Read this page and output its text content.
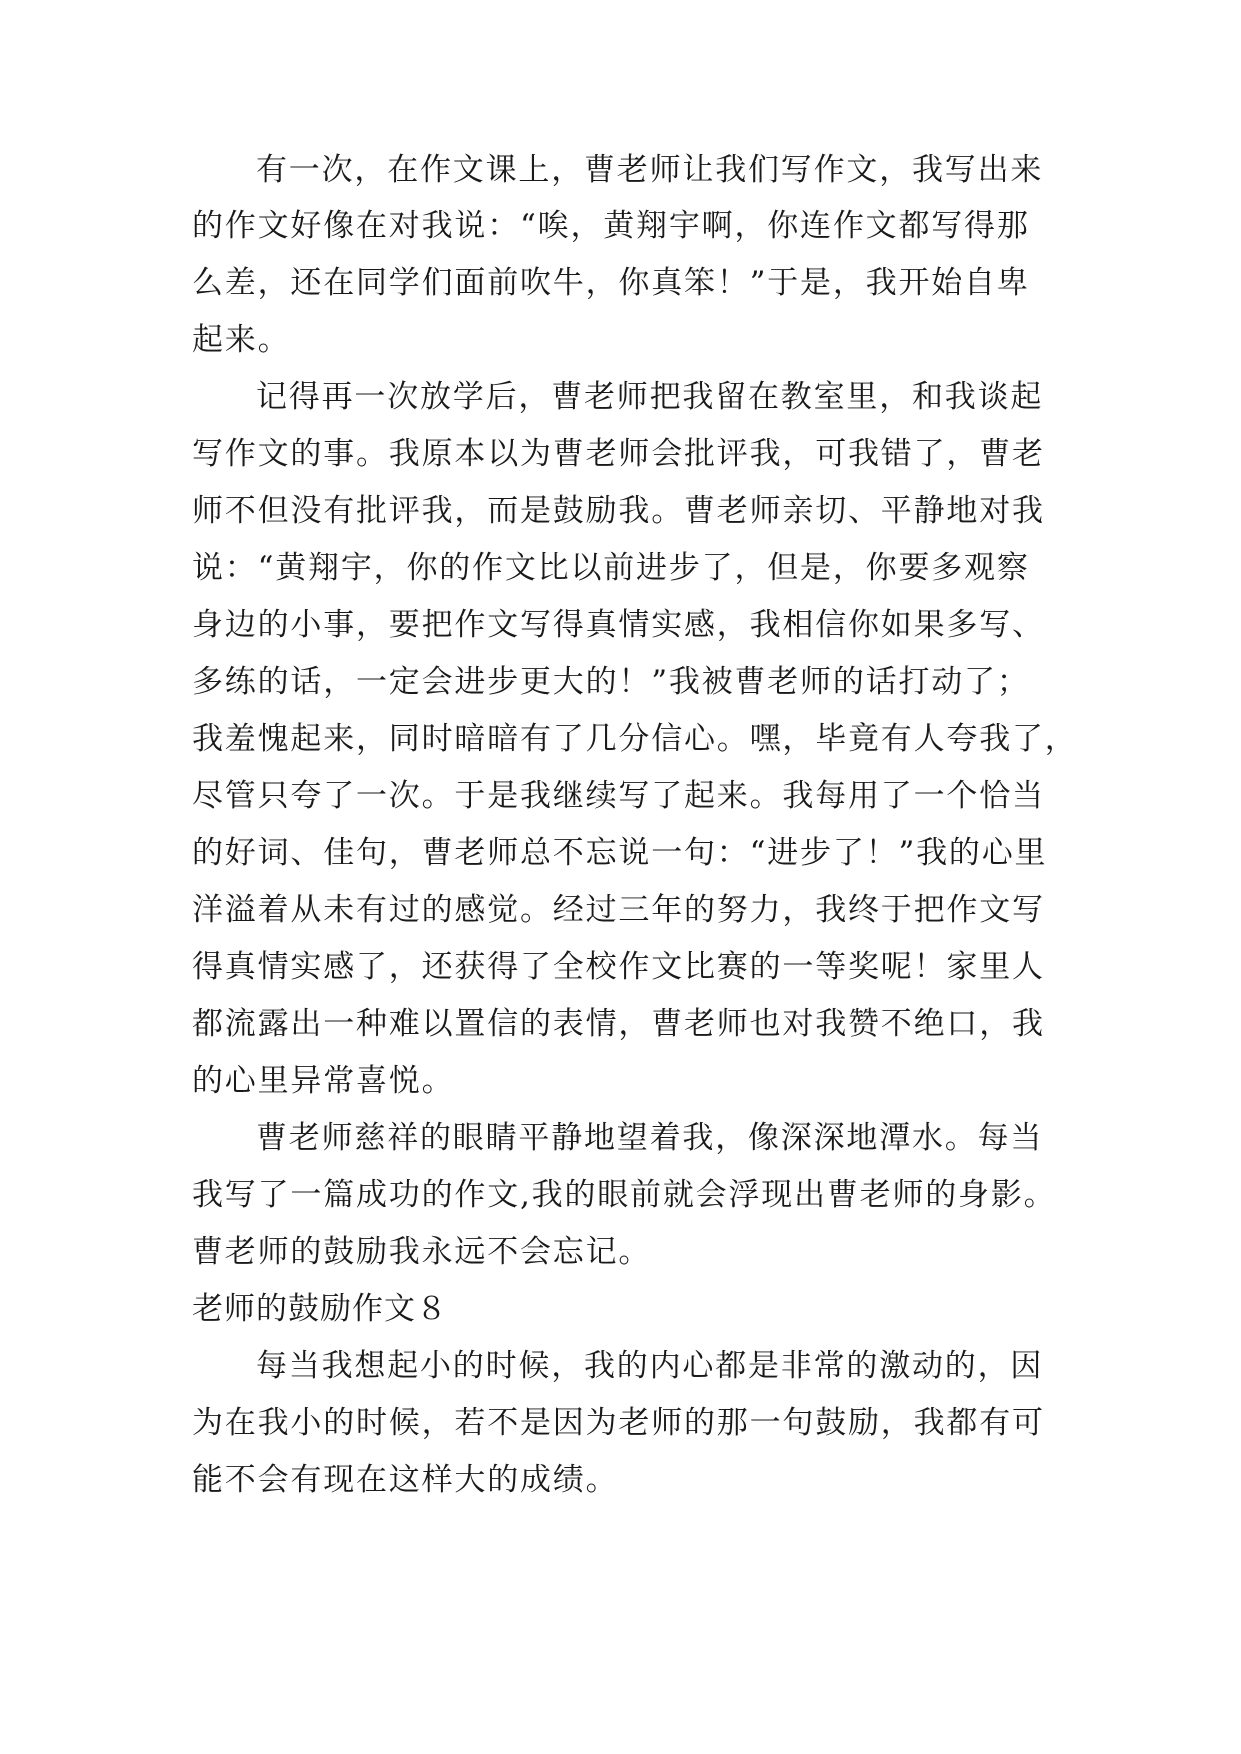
有一次，在作文课上，曹老师让我们写作文，我写出来
的作文好像在对我说：“唉，黄翔宇啊，你连作文都写得那
么差，还在同学们面前吹牛，你真笨！”于是，我开始自卑
起来。
记得再一次放学后，曹老师把我留在教室里，和我谈起
写作文的事。我原本以为曹老师会批评我，可我错了，曹老
师不但没有批评我，而是鼓励我。曹老师亲切、平静地对我
说：“黄翔宇，你的作文比以前进步了，但是，你要多观察
身边的小事，要把作文写得真情实感，我相信你如果多写、
多练的话，一定会进步更大的！”我被曹老师的话打动了；
我羞愧起来，同时暗暗有了几分信心。嘿，毕竟有人夸我了，
尽管只夸了一次。于是我继续写了起来。我每用了一个恰当
的好词、佳句，曹老师总不忘说一句：“进步了！”我的心里
洋溢着从未有过的感觉。经过三年的努力，我终于把作文写
得真情实感了，还获得了全校作文比赛的一等奖呢！家里人
都流露出一种难以置信的表情，曹老师也对我赞不绝口，我
的心里异常喜悦。
曹老师慈祥的眼睛平静地望着我，像深深地潭水。每当
我写了一篇成功的作文,我的眼前就会浮现出曹老师的身影。
曹老师的鼓励我永远不会忘记。
老师的鼓励作文８
每当我想起小的时候，我的内心都是非常的激动的，因
为在我小的时候，若不是因为老师的那一句鼓励，我都有可
能不会有现在这样大的成绩。
